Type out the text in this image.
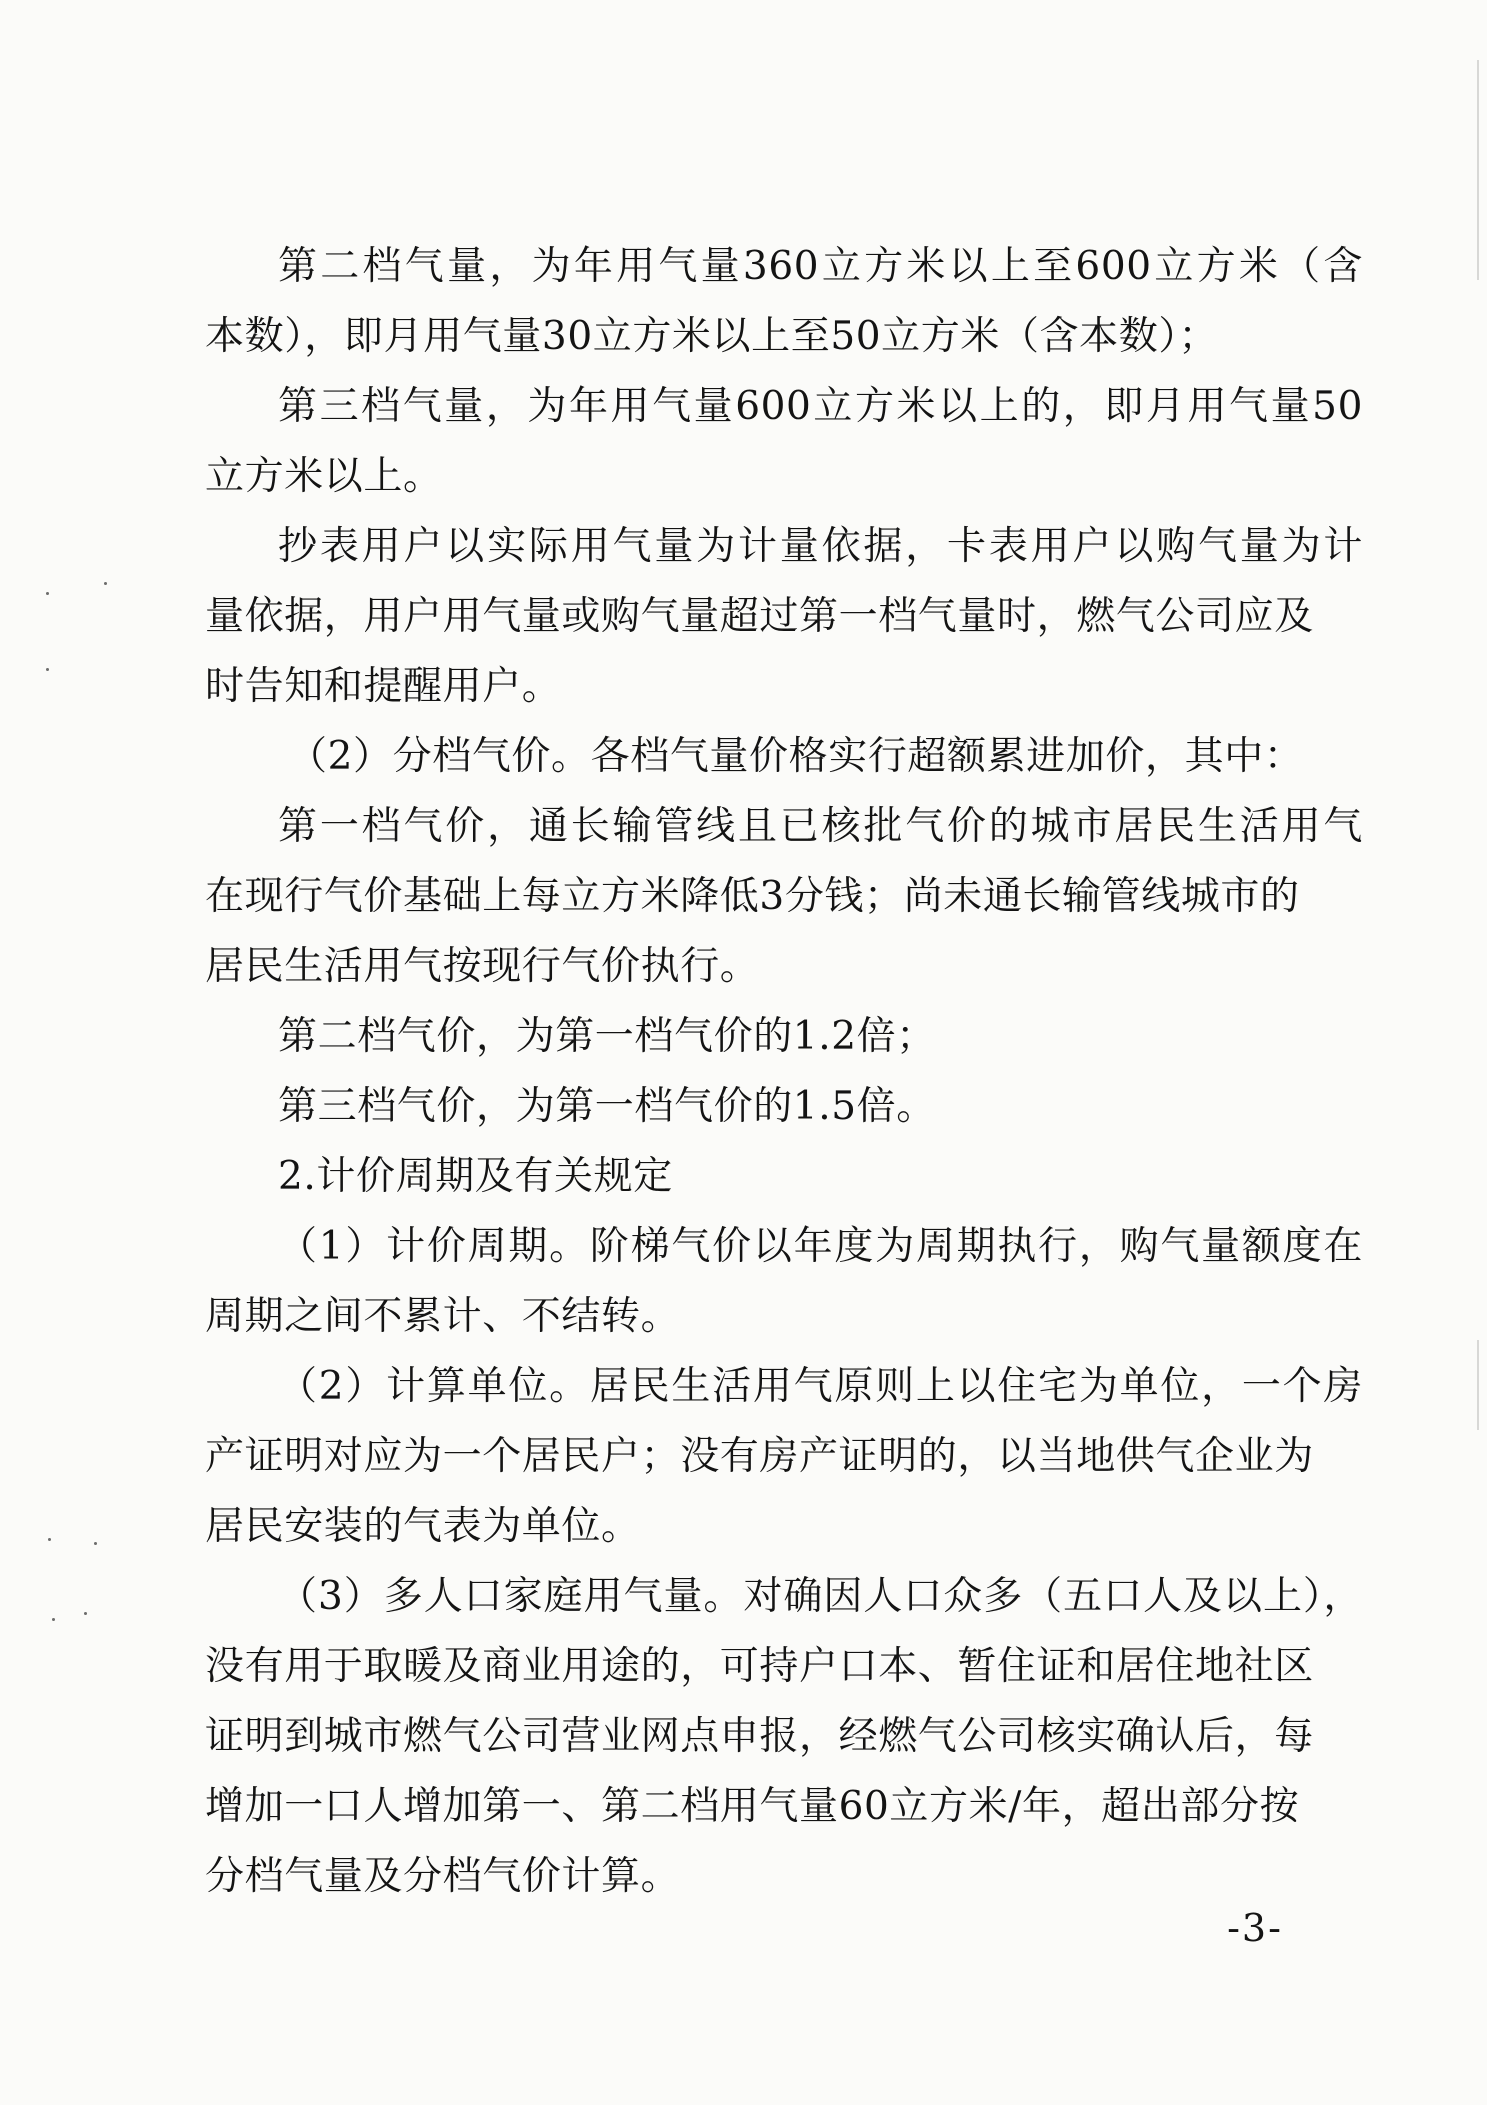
第二档气量，为年用气量360立方米以上至600立方米（含
本数），即月用气量30立方米以上至50立方米（含本数）；
第三档气量，为年用气量600立方米以上的，即月用气量50
立方米以上。
抄表用户以实际用气量为计量依据，卡表用户以购气量为计
量依据，用户用气量或购气量超过第一档气量时，燃气公司应及
时告知和提醒用户。
（2）分档气价。各档气量价格实行超额累进加价，其中：
第一档气价，通长输管线且已核批气价的城市居民生活用气
在现行气价基础上每立方米降低3分钱；尚未通长输管线城市的
居民生活用气按现行气价执行。
第二档气价，为第一档气价的1.2倍；
第三档气价，为第一档气价的1.5倍。
2.计价周期及有关规定
（1）计价周期。阶梯气价以年度为周期执行，购气量额度在
周期之间不累计、不结转。
（2）计算单位。居民生活用气原则上以住宅为单位，一个房
产证明对应为一个居民户；没有房产证明的，以当地供气企业为
居民安装的气表为单位。
（3）多人口家庭用气量。对确因人口众多（五口人及以上），
没有用于取暖及商业用途的，可持户口本、暂住证和居住地社区
证明到城市燃气公司营业网点申报，经燃气公司核实确认后，每
增加一口人增加第一、第二档用气量60立方米/年，超出部分按
分档气量及分档气价计算。
-3-
